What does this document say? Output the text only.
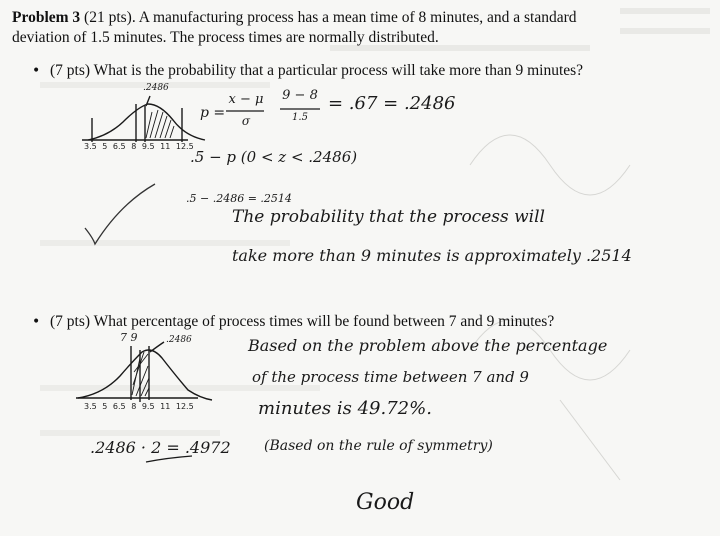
Problem 3 (21 pts). A manufacturing process has a mean time of 8 minutes, and a standard
deviation of 1.5 minutes. The process times are normally distributed.
• (7 pts) What is the probability that a particular process will take more than 9 minutes?
.2486
3.5 5 6.5 8 9.5 11 12.5
p =
x − μ
σ
9 − 8
1.5
= .67 = .2486
.5 − p (0 < z < .2486)
.5 − .2486 = .2514
The probability that the process will
take more than 9 minutes is approximately .2514
• (7 pts) What percentage of process times will be found between 7 and 9 minutes?
7 9	.2486
3.5 5 6.5 8 9.5 11 12.5
.2486 · 2 = .4972
Based on the problem above the percentage
of the process time between 7 and 9
minutes is 49.72%.
(Based on the rule of symmetry)
Good
